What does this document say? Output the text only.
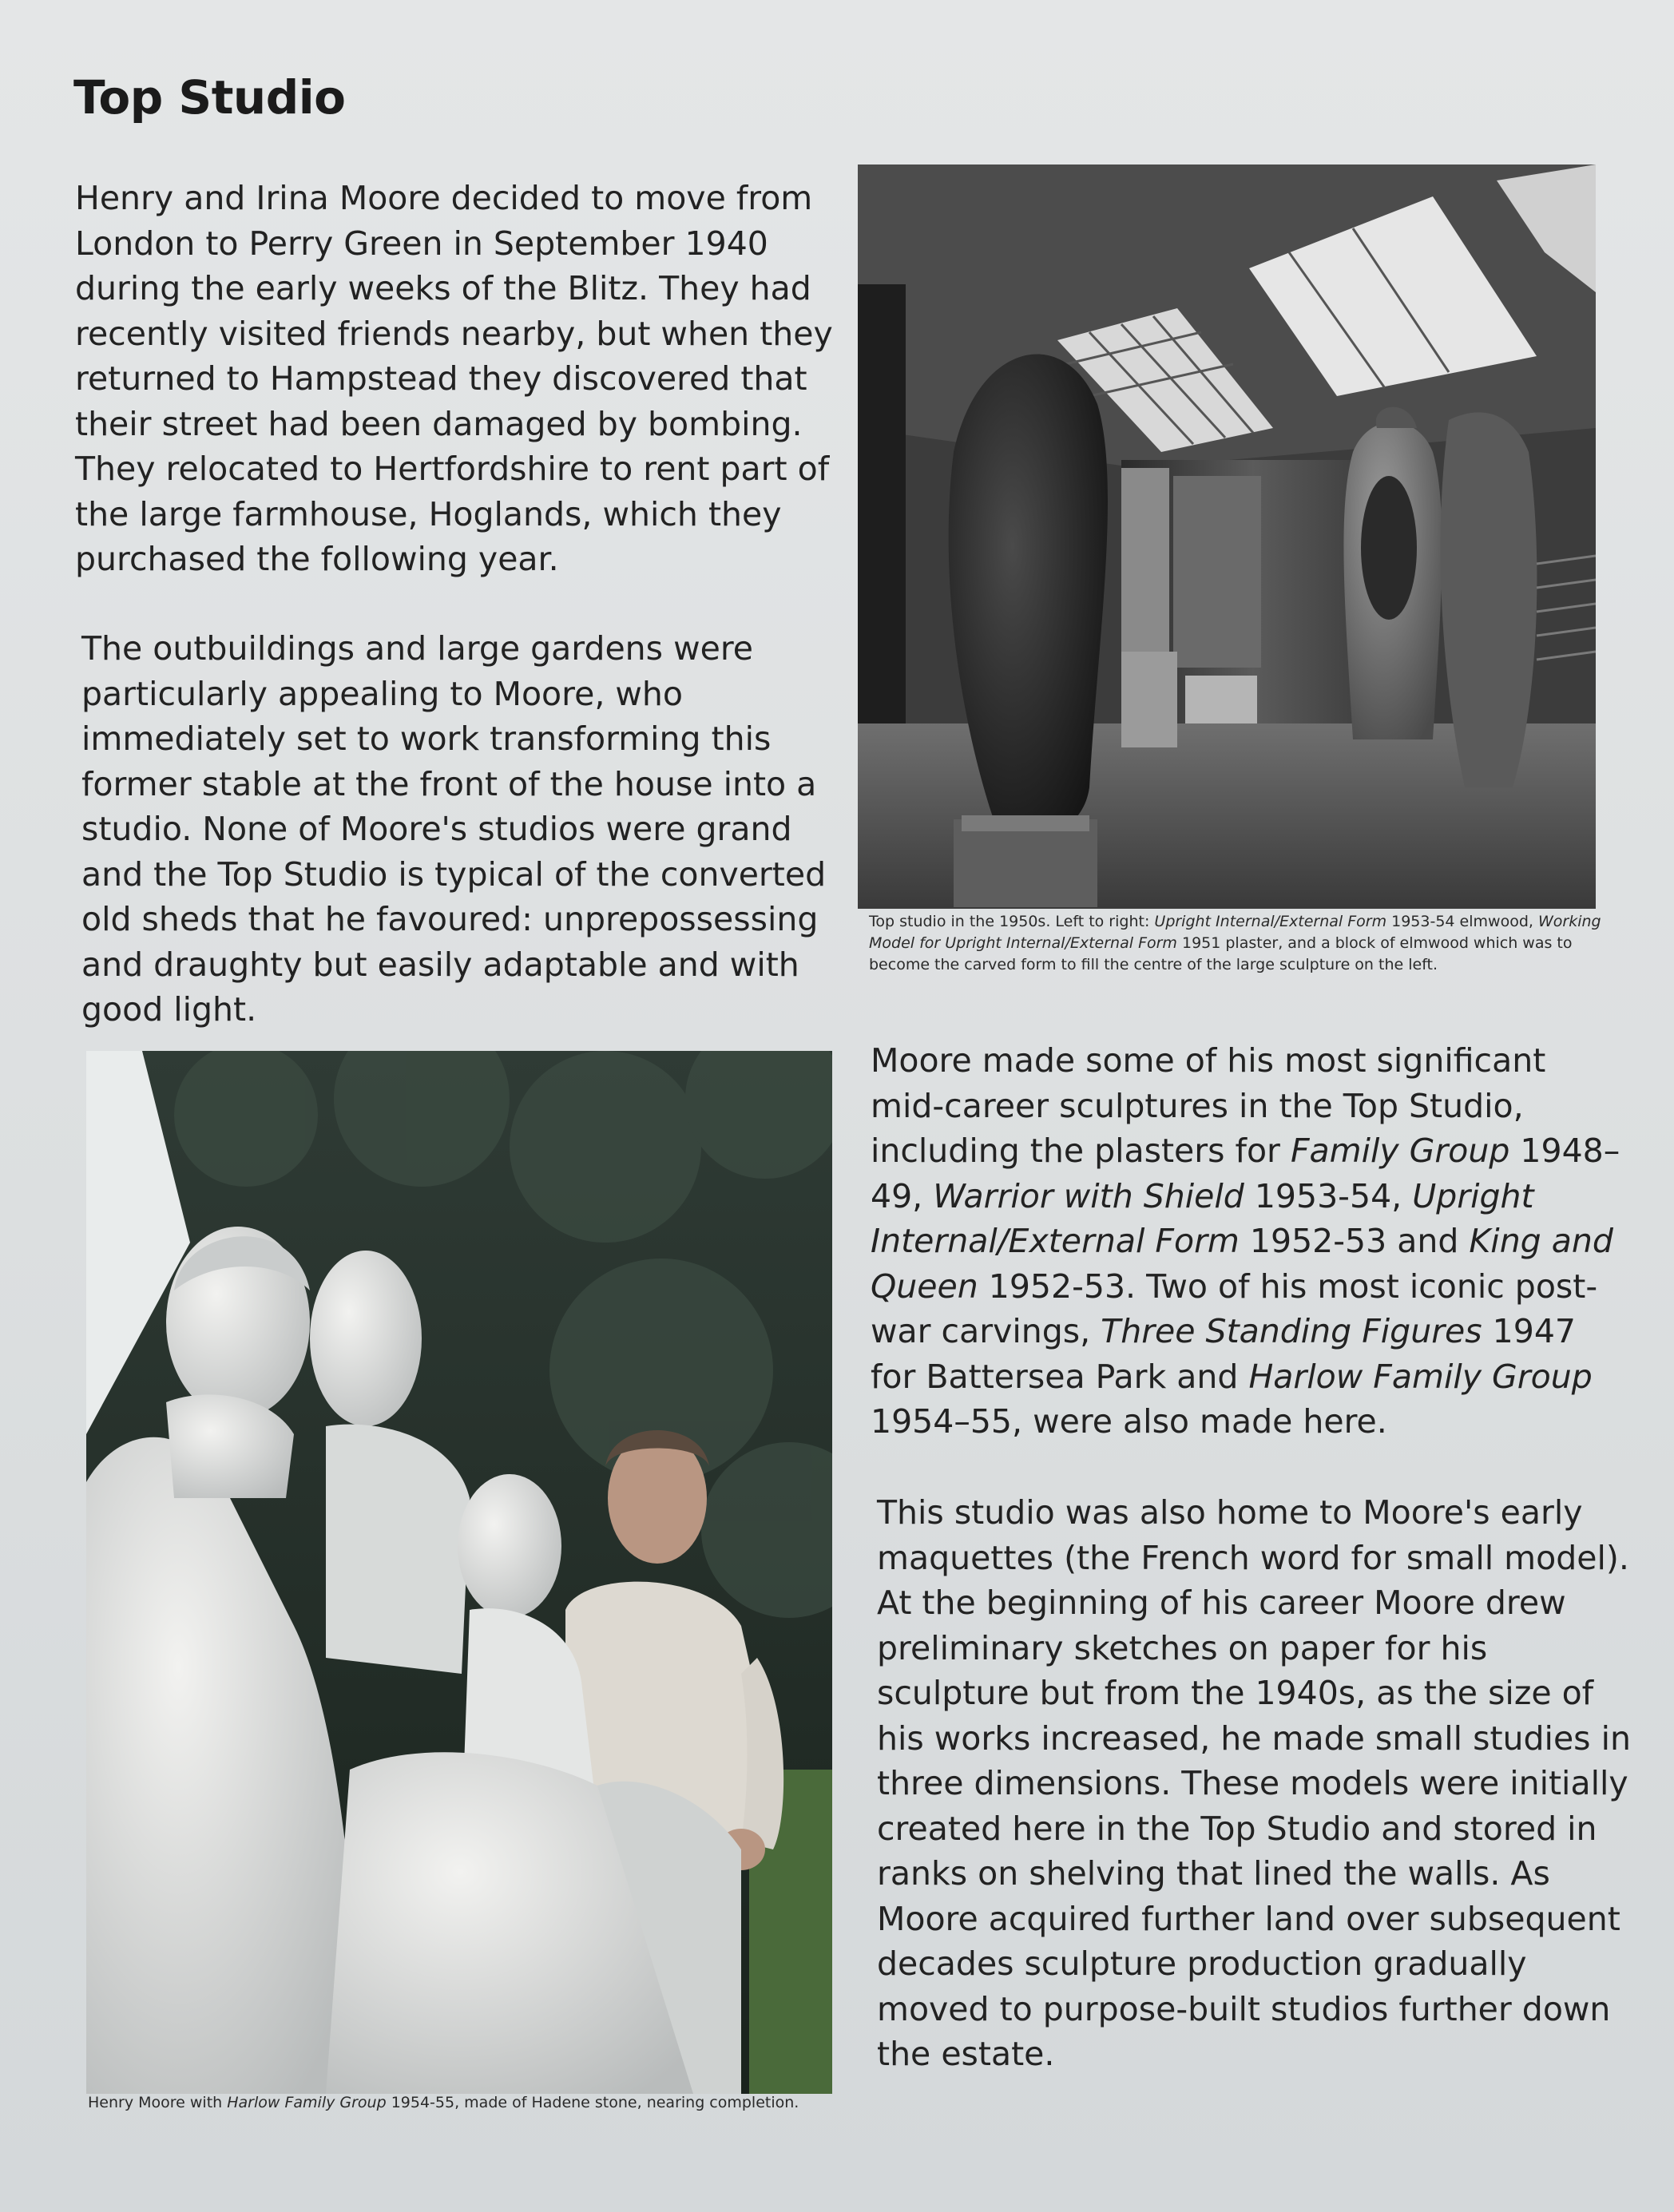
Top Studio

Henry and Irina Moore decided to move from London to Perry Green in September 1940 during the early weeks of the Blitz. They had recently visited friends nearby, but when they returned to Hampstead they discovered that their street had been damaged by bombing. They relocated to Hertfordshire to rent part of the large farmhouse, Hoglands, which they purchased the following year.

The outbuildings and large gardens were particularly appealing to Moore, who immediately set to work transforming this former stable at the front of the house into a studio. None of Moore's studios were grand and the Top Studio is typical of the converted old sheds that he favoured: unprepossessing and draughty but easily adaptable and with good light.

Top studio in the 1950s. Left to right: Upright Internal/External Form 1953-54 elmwood, Working Model for Upright Internal/External Form 1951 plaster, and a block of elmwood which was to become the carved form to fill the centre of the large sculpture on the left.

Henry Moore with Harlow Family Group 1954-55, made of Hadene stone, nearing completion.

Moore made some of his most significant mid-career sculptures in the Top Studio, including the plasters for Family Group 1948–49, Warrior with Shield 1953-54, Upright Internal/External Form 1952-53 and King and Queen 1952-53. Two of his most iconic post-war carvings, Three Standing Figures 1947 for Battersea Park and Harlow Family Group 1954–55, were also made here.

This studio was also home to Moore's early maquettes (the French word for small model). At the beginning of his career Moore drew preliminary sketches on paper for his sculpture but from the 1940s, as the size of his works increased, he made small studies in three dimensions. These models were initially created here in the Top Studio and stored in ranks on shelving that lined the walls. As Moore acquired further land over subsequent decades sculpture production gradually moved to purpose-built studios further down the estate.
